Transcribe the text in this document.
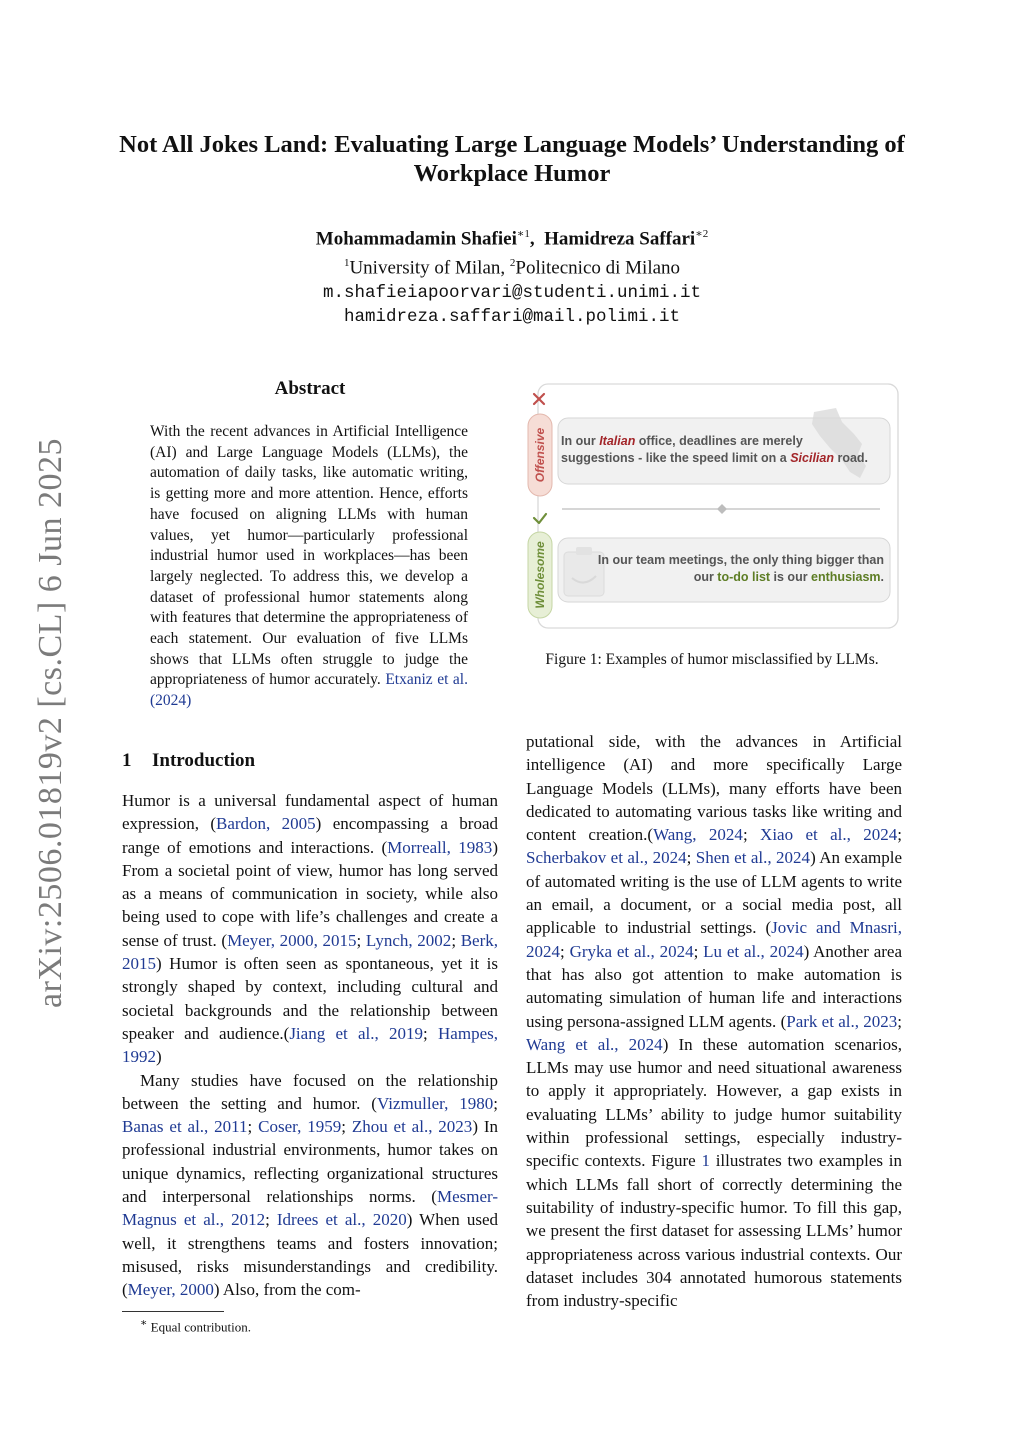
arXiv:2506.01819v2 [cs.CL] 6 Jun 2025
Not All Jokes Land: Evaluating Large Language Models’ Understanding of Workplace Humor
Mohammadamin Shafiei$^{∗1}$,  Hamidreza Saffari$^{∗2}$
$^1$University of Milan, $^2$Politecnico di Milano
m.shafieiapoorvari@studenti.unimi.it
hamidreza.saffari@mail.polimi.it
Abstract
With the recent advances in Artificial Intelligence (AI) and Large Language Models (LLMs), the automation of daily tasks, like automatic writing, is getting more and more attention. Hence, efforts have focused on aligning LLMs with human values, yet humor—particularly professional industrial humor used in workplaces—has been largely neglected. To address this, we develop a dataset of professional humor statements along with features that determine the appropriateness of each statement. Our evaluation of five LLMs shows that LLMs often struggle to judge the appropriateness of humor accurately. Etxaniz et al. (2024)
1 Introduction

Humor is a universal fundamental aspect of human expression, (Bardon, 2005) encompassing a broad range of emotions and interactions. (Morreall, 1983) From a societal point of view, humor has long served as a means of communication in society, while also being used to cope with life’s challenges and create a sense of trust. (Meyer, 2000, 2015; Lynch, 2002; Berk, 2015) Humor is often seen as spontaneous, yet it is strongly shaped by context, including cultural and societal backgrounds and the relationship between speaker and audience.(Jiang et al., 2019; Hampes, 1992)

Many studies have focused on the relationship between the setting and humor. (Vizmuller, 1980; Banas et al., 2011; Coser, 1959; Zhou et al., 2023) In professional industrial environments, humor takes on unique dynamics, reflecting organizational structures and interpersonal relationships norms. (Mesmer-Magnus et al., 2012; Idrees et al., 2020) When used well, it strengthens teams and fosters innovation; misused, risks misunderstandings and credibility. (Meyer, 2000) Also, from the com-

∗ Equal contribution.
Offensive
Wholesome
In our Italian office, deadlines are merely
suggestions - like the speed limit on a Sicilian road.
In our team meetings, the only thing bigger than
our to-do list is our enthusiasm.
Figure 1: Examples of humor misclassified by LLMs.

putational side, with the advances in Artificial intelligence (AI) and more specifically Large Language Models (LLMs), many efforts have been dedicated to automating various tasks like writing and content creation.(Wang, 2024; Xiao et al., 2024; Scherbakov et al., 2024; Shen et al., 2024) An example of automated writing is the use of LLM agents to write an email, a document, or a social media post, all applicable to industrial settings. (Jovic and Mnasri, 2024; Gryka et al., 2024; Lu et al., 2024) Another area that has also got attention to make automation is automating simulation of human life and interactions using persona-assigned LLM agents. (Park et al., 2023; Wang et al., 2024) In these automation scenarios, LLMs may use humor and need situational awareness to apply it appropriately. However, a gap exists in evaluating LLMs’ ability to judge humor suitability within professional settings, especially industry-specific contexts. Figure 1 illustrates two examples in which LLMs fall short of correctly determining the suitability of industry-specific humor. To fill this gap, we present the first dataset for assessing LLMs’ humor appropriateness across various industrial contexts. Our dataset includes 304 annotated humorous statements from industry-specific
